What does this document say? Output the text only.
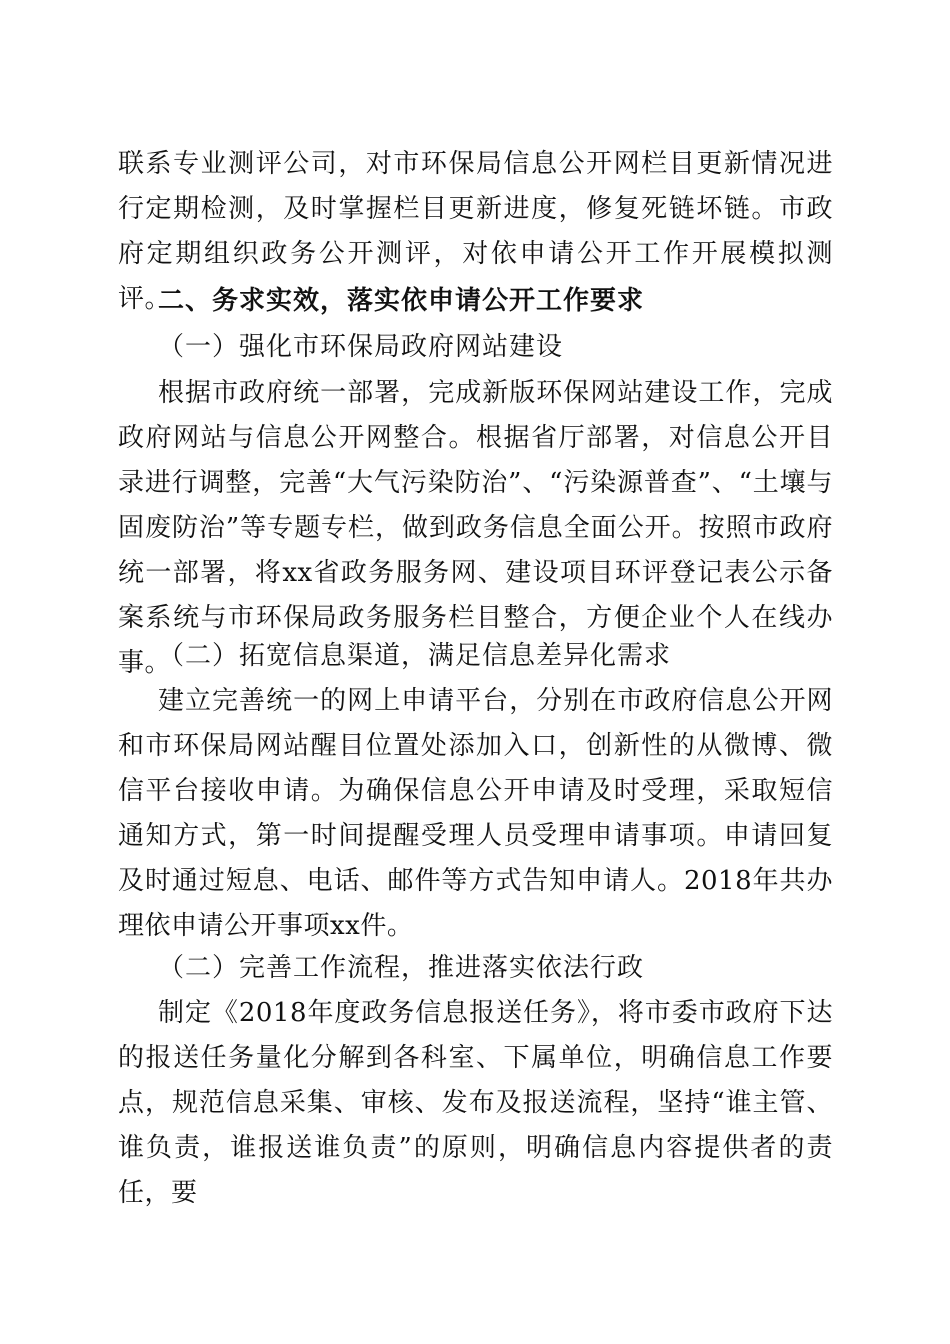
联系专业测评公司，对市环保局信息公开网栏目更新情况进行定期检测，及时掌握栏目更新进度，修复死链坏链。市政府定期组织政务公开测评，对依申请公开工作开展模拟测评。

二、务求实效，落实依申请公开工作要求

（一）强化市环保局政府网站建设

根据市政府统一部署，完成新版环保网站建设工作，完成政府网站与信息公开网整合。根据省厅部署，对信息公开目录进行调整，完善“大气污染防治”、“污染源普查”、“土壤与固废防治”等专题专栏，做到政务信息全面公开。按照市政府统一部署，将xx省政务服务网、建设项目环评登记表公示备案系统与市环保局政务服务栏目整合，方便企业个人在线办事。

（二）拓宽信息渠道，满足信息差异化需求

建立完善统一的网上申请平台，分别在市政府信息公开网和市环保局网站醒目位置处添加入口，创新性的从微博、微信平台接收申请。为确保信息公开申请及时受理，采取短信通知方式，第一时间提醒受理人员受理申请事项。申请回复及时通过短息、电话、邮件等方式告知申请人。2018年共办理依申请公开事项xx件。

（二）完善工作流程，推进落实依法行政

制定《2018年度政务信息报送任务》，将市委市政府下达的报送任务量化分解到各科室、下属单位，明确信息工作要点，规范信息采集、审核、发布及报送流程，坚持“谁主管、谁负责，谁报送谁负责”的原则，明确信息内容提供者的责任，要
